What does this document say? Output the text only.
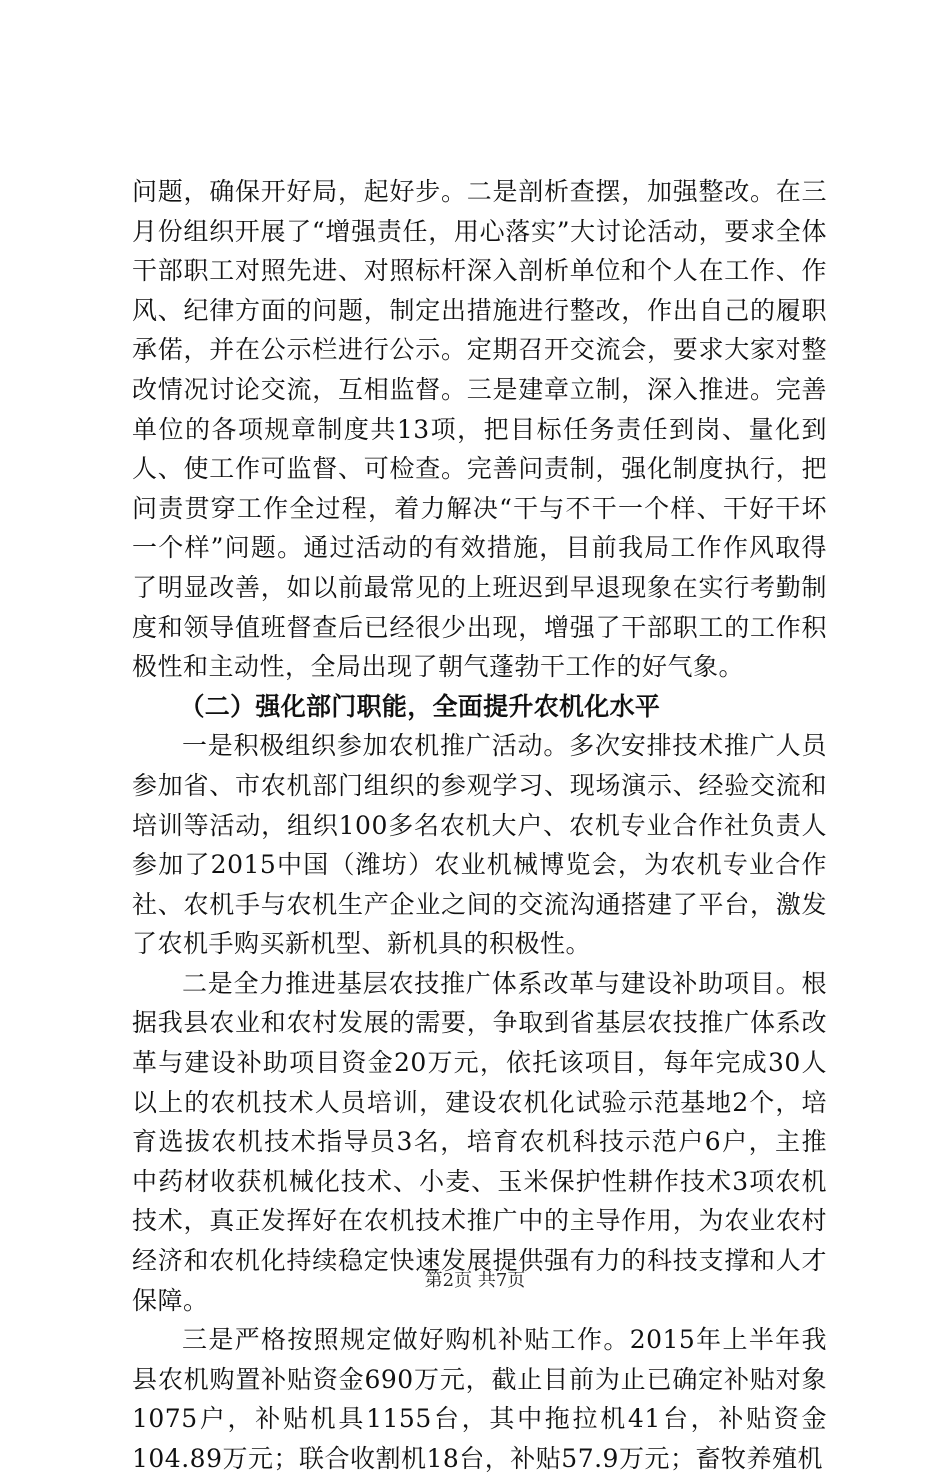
问题，确保开好局，起好步。二是剖析查摆，加强整改。在三月份组织开展了“增强责任，用心落实”大讨论活动，要求全体干部职工对照先进、对照标杆深入剖析单位和个人在工作、作风、纪律方面的问题，制定出措施进行整改，作出自己的履职承偌，并在公示栏进行公示。定期召开交流会，要求大家对整改情况讨论交流，互相监督。三是建章立制，深入推进。完善单位的各项规章制度共13项，把目标任务责任到岗、量化到人、使工作可监督、可检查。完善问责制，强化制度执行，把问责贯穿工作全过程，着力解决“干与不干一个样、干好干坏一个样”问题。通过活动的有效措施，目前我局工作作风取得了明显改善，如以前最常见的上班迟到早退现象在实行考勤制度和领导值班督查后已经很少出现，增强了干部职工的工作积极性和主动性，全局出现了朝气蓬勃干工作的好气象。

（二）强化部门职能，全面提升农机化水平

一是积极组织参加农机推广活动。多次安排技术推广人员参加省、市农机部门组织的参观学习、现场演示、经验交流和培训等活动，组织100多名农机大户、农机专业合作社负责人参加了2015中国（潍坊）农业机械博览会，为农机专业合作社、农机手与农机生产企业之间的交流沟通搭建了平台，激发了农机手购买新机型、新机具的积极性。

二是全力推进基层农技推广体系改革与建设补助项目。根据我县农业和农村发展的需要，争取到省基层农技推广体系改革与建设补助项目资金20万元，依托该项目，每年完成30人以上的农机技术人员培训，建设农机化试验示范基地2个，培育选拔农机技术指导员3名，培育农机科技示范户6户，主推中药材收获机械化技术、小麦、玉米保护性耕作技术3项农机技术，真正发挥好在农机技术推广中的主导作用，为农业农村经济和农机化持续稳定快速发展提供强有力的科技支撑和人才保障。

三是严格按照规定做好购机补贴工作。2015年上半年我县农机购置补贴资金690万元，截止目前为止已确定补贴对象1075户，补贴机具1155台，其中拖拉机41台，补贴资金104.89万元；联合收割机18台，补贴57.9万元；畜牧养殖机

第2页 共7页
